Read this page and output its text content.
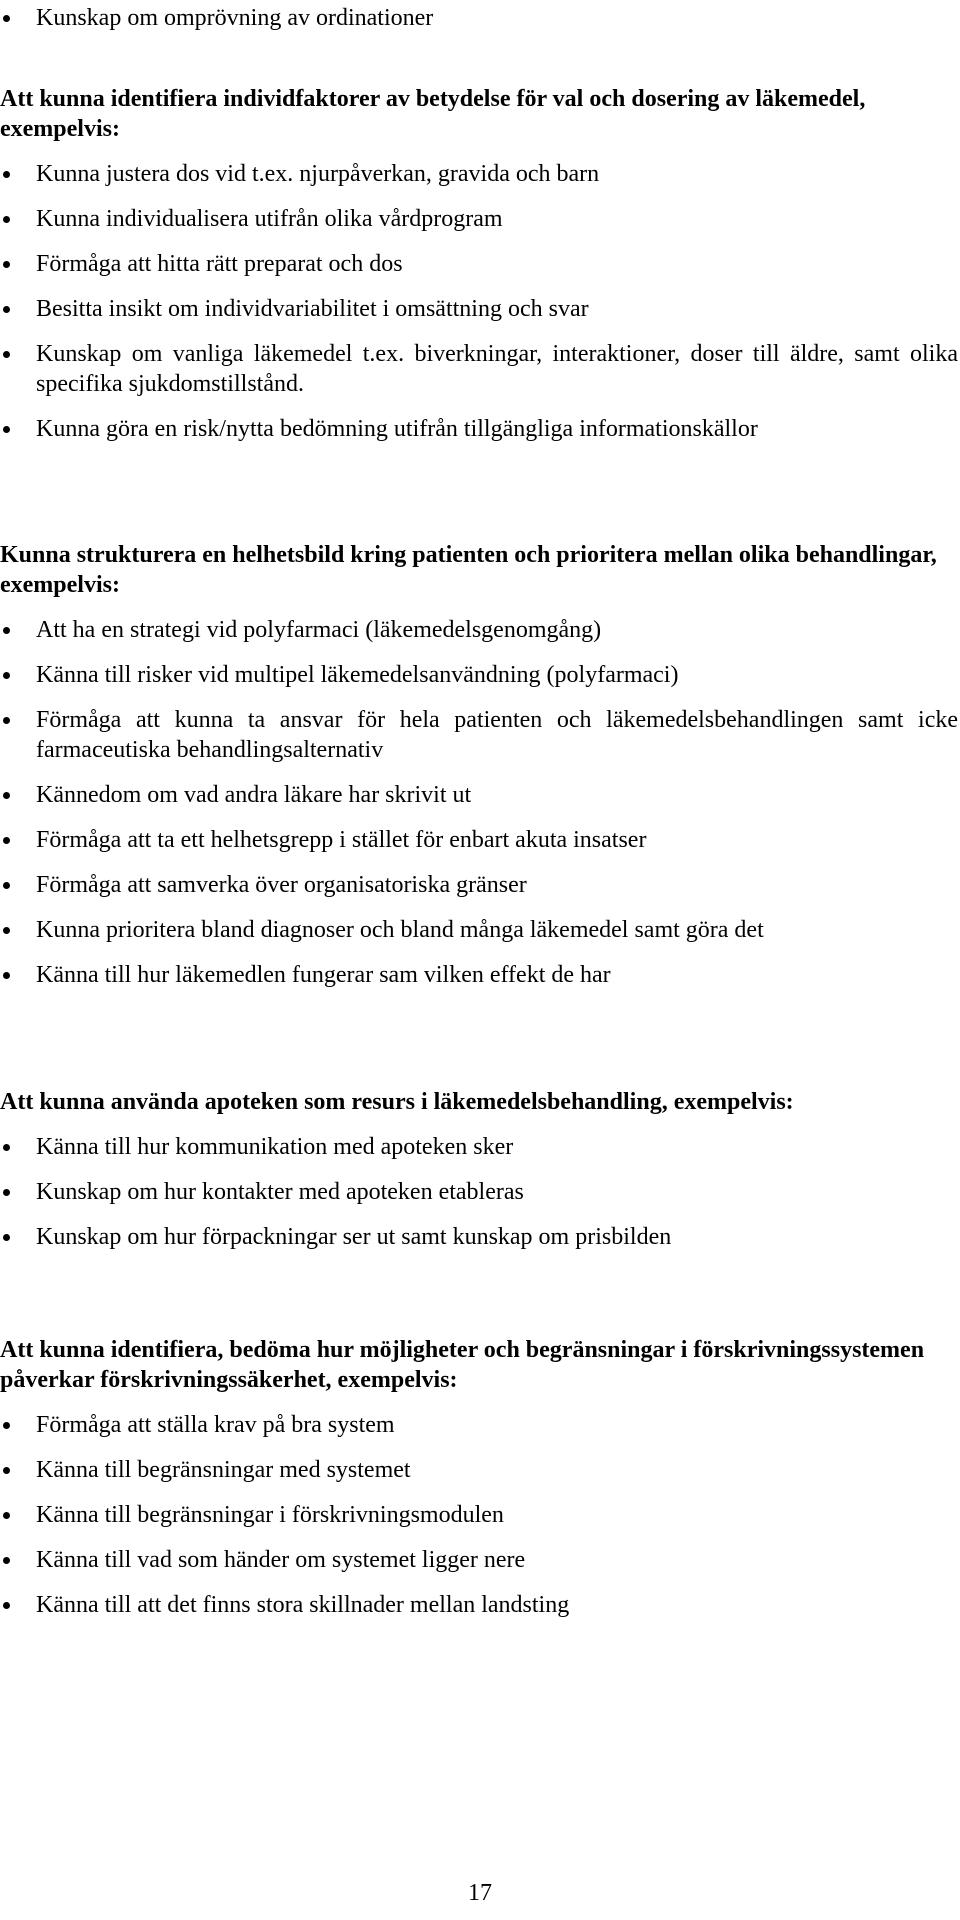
Kunskap om omprövning av ordinationer

Att kunna identifiera individfaktorer av betydelse för val och dosering av läkemedel, exempelvis:

Kunna justera dos vid t.ex. njurpåverkan, gravida och barn
Kunna individualisera utifrån olika vårdprogram
Förmåga att hitta rätt preparat och dos
Besitta insikt om individvariabilitet i omsättning och svar
Kunskap om vanliga läkemedel t.ex. biverkningar, interaktioner, doser till äldre, samt olika specifika sjukdomstillstånd.
Kunna göra en risk/nytta bedömning utifrån tillgängliga informationskällor

Kunna strukturera en helhetsbild kring patienten och prioritera mellan olika behandlingar, exempelvis:

Att ha en strategi vid polyfarmaci (läkemedelsgenomgång)
Känna till risker vid multipel läkemedelsanvändning (polyfarmaci)
Förmåga att kunna ta ansvar för hela patienten och läkemedelsbehandlingen samt icke farmaceutiska behandlingsalternativ
Kännedom om vad andra läkare har skrivit ut
Förmåga att ta ett helhetsgrepp i stället för enbart akuta insatser
Förmåga att samverka över organisatoriska gränser
Kunna prioritera bland diagnoser och bland många läkemedel samt göra det
Känna till hur läkemedlen fungerar sam vilken effekt de har

Att kunna använda apoteken som resurs i läkemedelsbehandling, exempelvis:

Känna till hur kommunikation med apoteken sker
Kunskap om hur kontakter med apoteken etableras
Kunskap om hur förpackningar ser ut samt kunskap om prisbilden

Att kunna identifiera, bedöma hur möjligheter och begränsningar i förskrivningssystemen påverkar förskrivningssäkerhet, exempelvis:

Förmåga att ställa krav på bra system
Känna till begränsningar med systemet
Känna till begränsningar i förskrivningsmodulen
Känna till vad som händer om systemet ligger nere
Känna till att det finns stora skillnader mellan landsting
17
